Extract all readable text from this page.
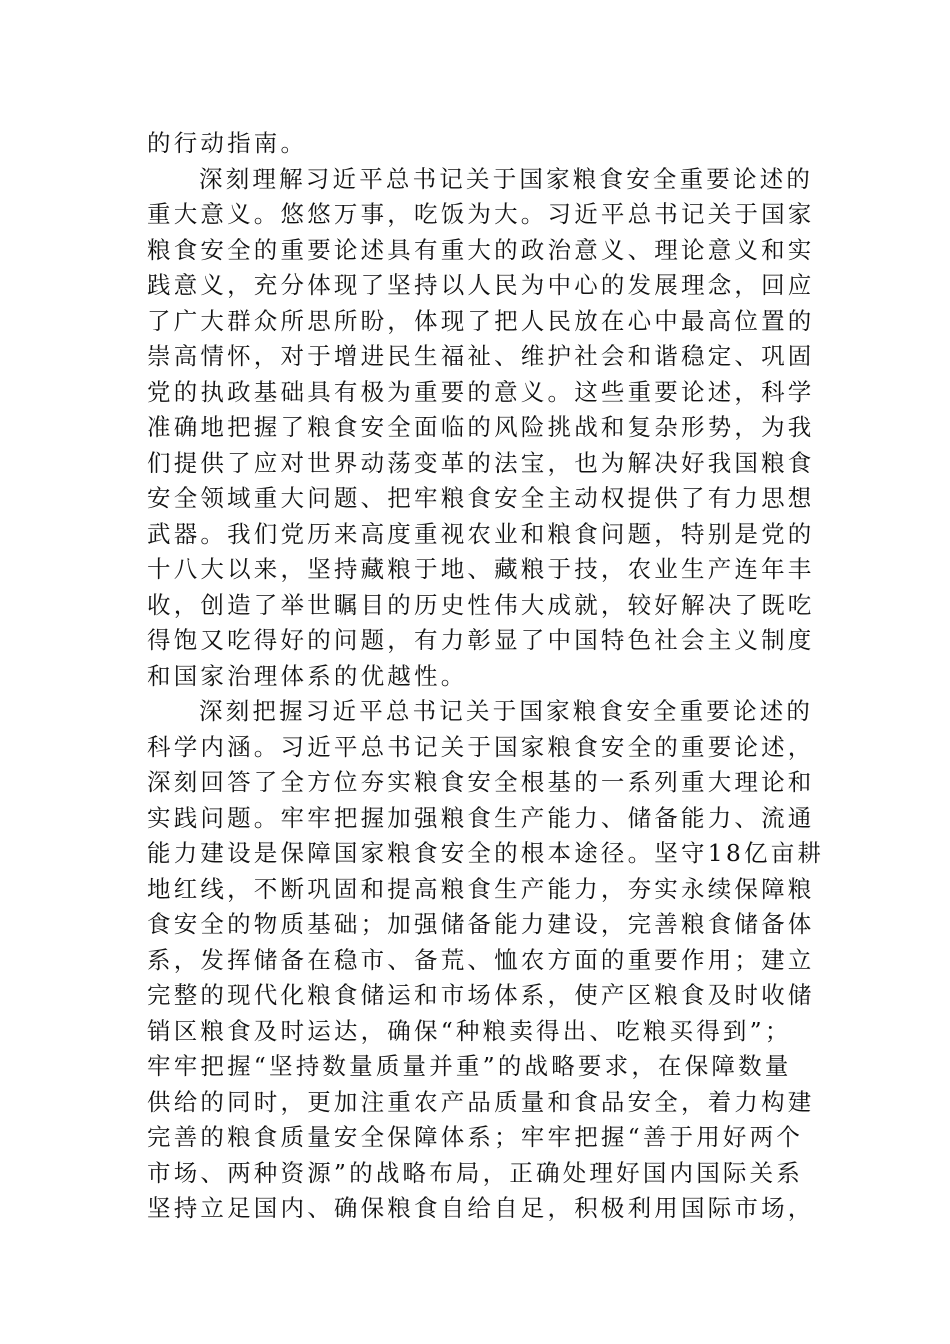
的行动指南。
深刻理解习近平总书记关于国家粮食安全重要论述的
重大意义。悠悠万事，吃饭为大。习近平总书记关于国家
粮食安全的重要论述具有重大的政治意义、理论意义和实
践意义，充分体现了坚持以人民为中心的发展理念，回应
了广大群众所思所盼，体现了把人民放在心中最高位置的
崇高情怀，对于增进民生福祉、维护社会和谐稳定、巩固
党的执政基础具有极为重要的意义。这些重要论述，科学
准确地把握了粮食安全面临的风险挑战和复杂形势，为我
们提供了应对世界动荡变革的法宝，也为解决好我国粮食
安全领域重大问题、把牢粮食安全主动权提供了有力思想
武器。我们党历来高度重视农业和粮食问题，特别是党的
十八大以来，坚持藏粮于地、藏粮于技，农业生产连年丰
收，创造了举世瞩目的历史性伟大成就，较好解决了既吃
得饱又吃得好的问题，有力彰显了中国特色社会主义制度
和国家治理体系的优越性。
深刻把握习近平总书记关于国家粮食安全重要论述的
科学内涵。习近平总书记关于国家粮食安全的重要论述，
深刻回答了全方位夯实粮食安全根基的一系列重大理论和
实践问题。牢牢把握加强粮食生产能力、储备能力、流通
能力建设是保障国家粮食安全的根本途径。坚守18亿亩耕
地红线，不断巩固和提高粮食生产能力，夯实永续保障粮
食安全的物质基础；加强储备能力建设，完善粮食储备体
系，发挥储备在稳市、备荒、恤农方面的重要作用；建立
完整的现代化粮食储运和市场体系，使产区粮食及时收储
销区粮食及时运达，确保“种粮卖得出、吃粮买得到”；
牢牢把握“坚持数量质量并重”的战略要求，在保障数量
供给的同时，更加注重农产品质量和食品安全，着力构建
完善的粮食质量安全保障体系；牢牢把握“善于用好两个
市场、两种资源”的战略布局，正确处理好国内国际关系
坚持立足国内、确保粮食自给自足，积极利用国际市场，
